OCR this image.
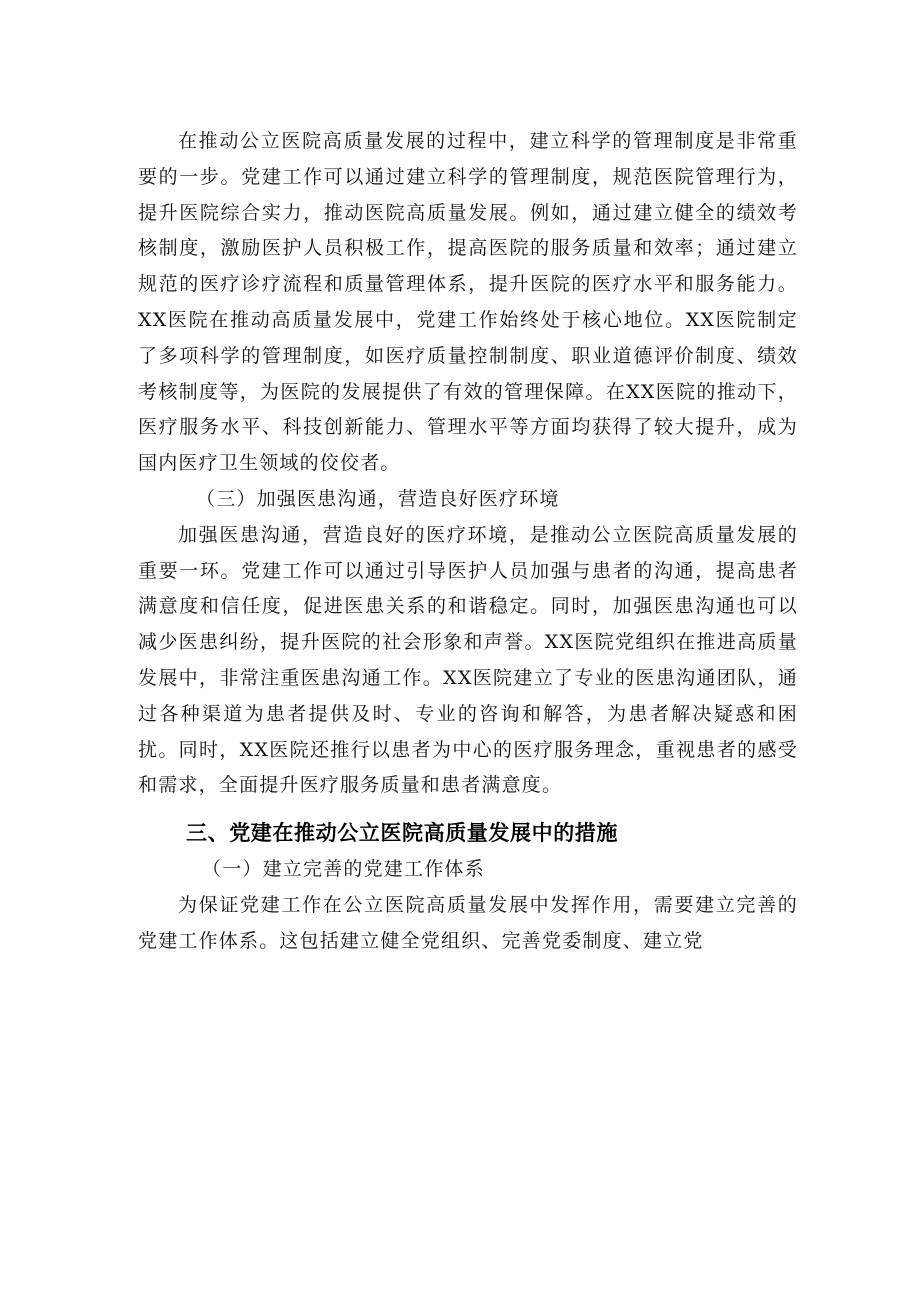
在推动公立医院高质量发展的过程中，建立科学的管理制度是非常重要的一步。党建工作可以通过建立科学的管理制度，规范医院管理行为，提升医院综合实力，推动医院高质量发展。例如，通过建立健全的绩效考核制度，激励医护人员积极工作，提高医院的服务质量和效率；通过建立规范的医疗诊疗流程和质量管理体系，提升医院的医疗水平和服务能力。XX医院在推动高质量发展中，党建工作始终处于核心地位。XX医院制定了多项科学的管理制度，如医疗质量控制制度、职业道德评价制度、绩效考核制度等，为医院的发展提供了有效的管理保障。在XX医院的推动下，医疗服务水平、科技创新能力、管理水平等方面均获得了较大提升，成为国内医疗卫生领域的佼佼者。

（三）加强医患沟通，营造良好医疗环境

加强医患沟通，营造良好的医疗环境，是推动公立医院高质量发展的重要一环。党建工作可以通过引导医护人员加强与患者的沟通，提高患者满意度和信任度，促进医患关系的和谐稳定。同时，加强医患沟通也可以减少医患纠纷，提升医院的社会形象和声誉。XX医院党组织在推进高质量发展中，非常注重医患沟通工作。XX医院建立了专业的医患沟通团队，通过各种渠道为患者提供及时、专业的咨询和解答，为患者解决疑惑和困扰。同时，XX医院还推行以患者为中心的医疗服务理念，重视患者的感受和需求，全面提升医疗服务质量和患者满意度。

三、党建在推动公立医院高质量发展中的措施

（一）建立完善的党建工作体系

为保证党建工作在公立医院高质量发展中发挥作用，需要建立完善的党建工作体系。这包括建立健全党组织、完善党委制度、建立党
